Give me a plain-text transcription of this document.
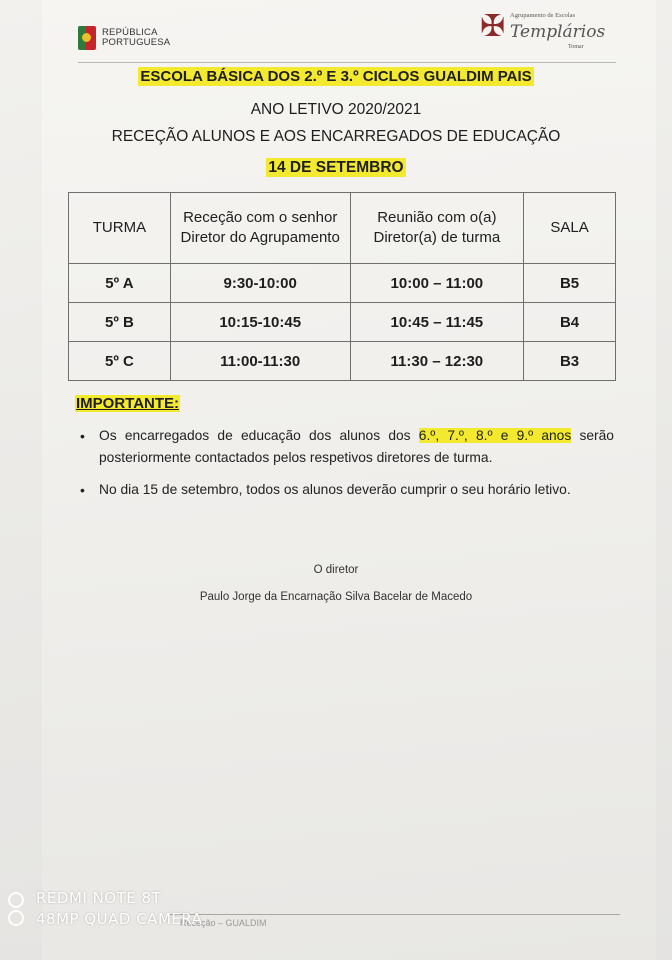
REPÚBLICA
PORTUGUESA	✠ Agrupamento de Escolas
Templários
Tomar
ESCOLA BÁSICA DOS 2.º E 3.º CICLOS GUALDIM PAIS
ANO LETIVO 2020/2021
RECEÇÃO ALUNOS E AOS ENCARREGADOS DE EDUCAÇÃO
14 DE SETEMBRO
TURMA	Receção com o senhor Diretor do Agrupamento	Reunião com o(a) Diretor(a) de turma	SALA
5º A	9:30-10:00	10:00 – 11:00	B5
5º B	10:15-10:45	10:45 – 11:45	B4
5º C	11:00-11:30	11:30 – 12:30	B3
IMPORTANTE:
• Os encarregados de educação dos alunos dos 6.º, 7.º, 8.º e 9.º anos serão posteriormente contactados pelos respetivos diretores de turma.
• No dia 15 de setembro, todos os alunos deverão cumprir o seu horário letivo.
O diretor
Paulo Jorge da Encarnação Silva Bacelar de Macedo
Receção – GUALDIM
REDMI NOTE 8T
48MP QUAD CAMERA
